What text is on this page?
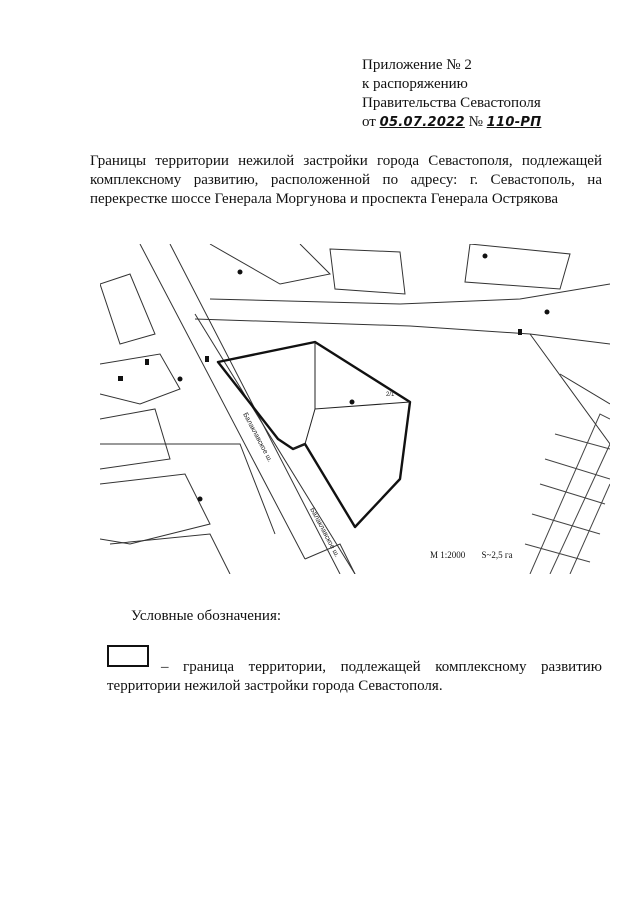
Приложение № 2
к распоряжению
Правительства Севастополя
от 05.07.2022 № 110-РП
Границы территории нежилой застройки города Севастополя, подлежащей комплексному развитию, расположенной по адресу: г. Севастополь, на перекрестке шоссе Генерала Моргунова и проспекта Генерала Острякова
Балаклавское ш.
Балаклавское ш.
2/1
М 1:2000 S~2,5 га
Условные обозначения:
– граница территории, подлежащей комплексному развитию территории нежилой застройки города Севастополя.
